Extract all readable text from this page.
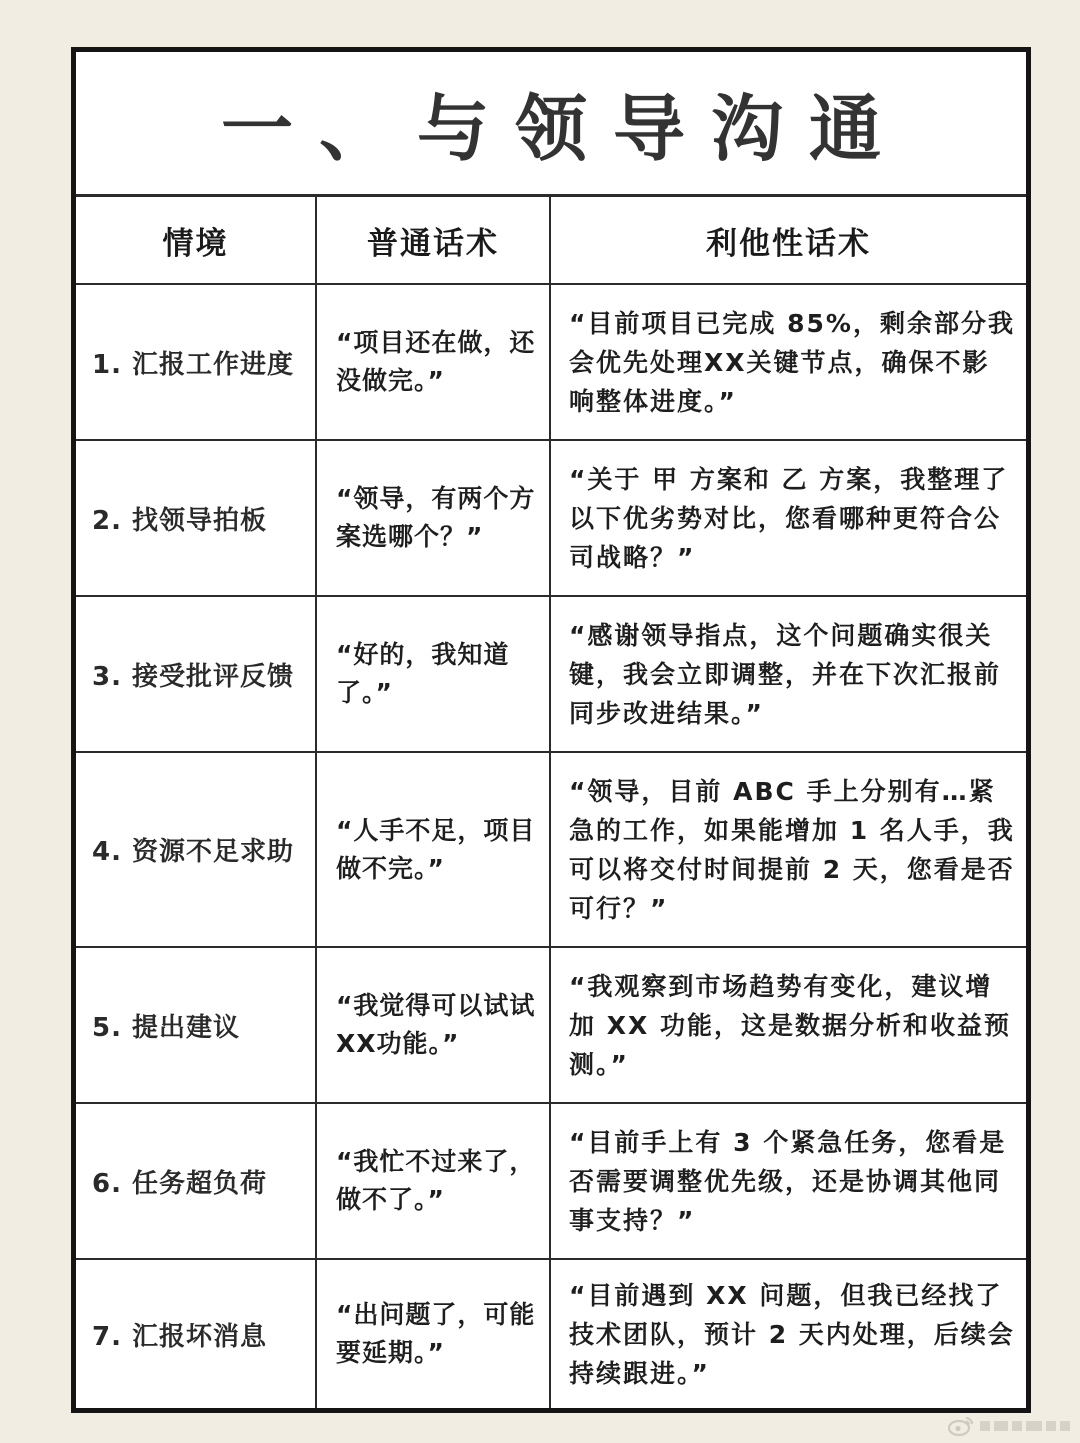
一、与领导沟通
情境	普通话术	利他性话术
1. 汇报工作进度
“项目还在做，还没做完。”
“目前项目已完成 85%，剩余部分我会优先处理XX关键节点，确保不影响整体进度。”
2. 找领导拍板
“领导，有两个方案选哪个？”
“关于 甲 方案和 乙 方案，我整理了以下优劣势对比，您看哪种更符合公司战略？”
3. 接受批评反馈
“好的，我知道了。”
“感谢领导指点，这个问题确实很关键，我会立即调整，并在下次汇报前同步改进结果。”
4. 资源不足求助
“人手不足，项目做不完。”
“领导，目前 ABC 手上分别有…紧急的工作，如果能增加 1 名人手，我可以将交付时间提前 2 天，您看是否可行？”
5. 提出建议
“我觉得可以试试 XX功能。”
“我观察到市场趋势有变化，建议增加 XX 功能，这是数据分析和收益预测。”
6. 任务超负荷
“我忙不过来了，做不了。”
“目前手上有 3 个紧急任务，您看是否需要调整优先级，还是协调其他同事支持？”
7. 汇报坏消息
“出问题了，可能要延期。”
“目前遇到 XX 问题，但我已经找了技术团队，预计 2 天内处理，后续会持续跟进。”
